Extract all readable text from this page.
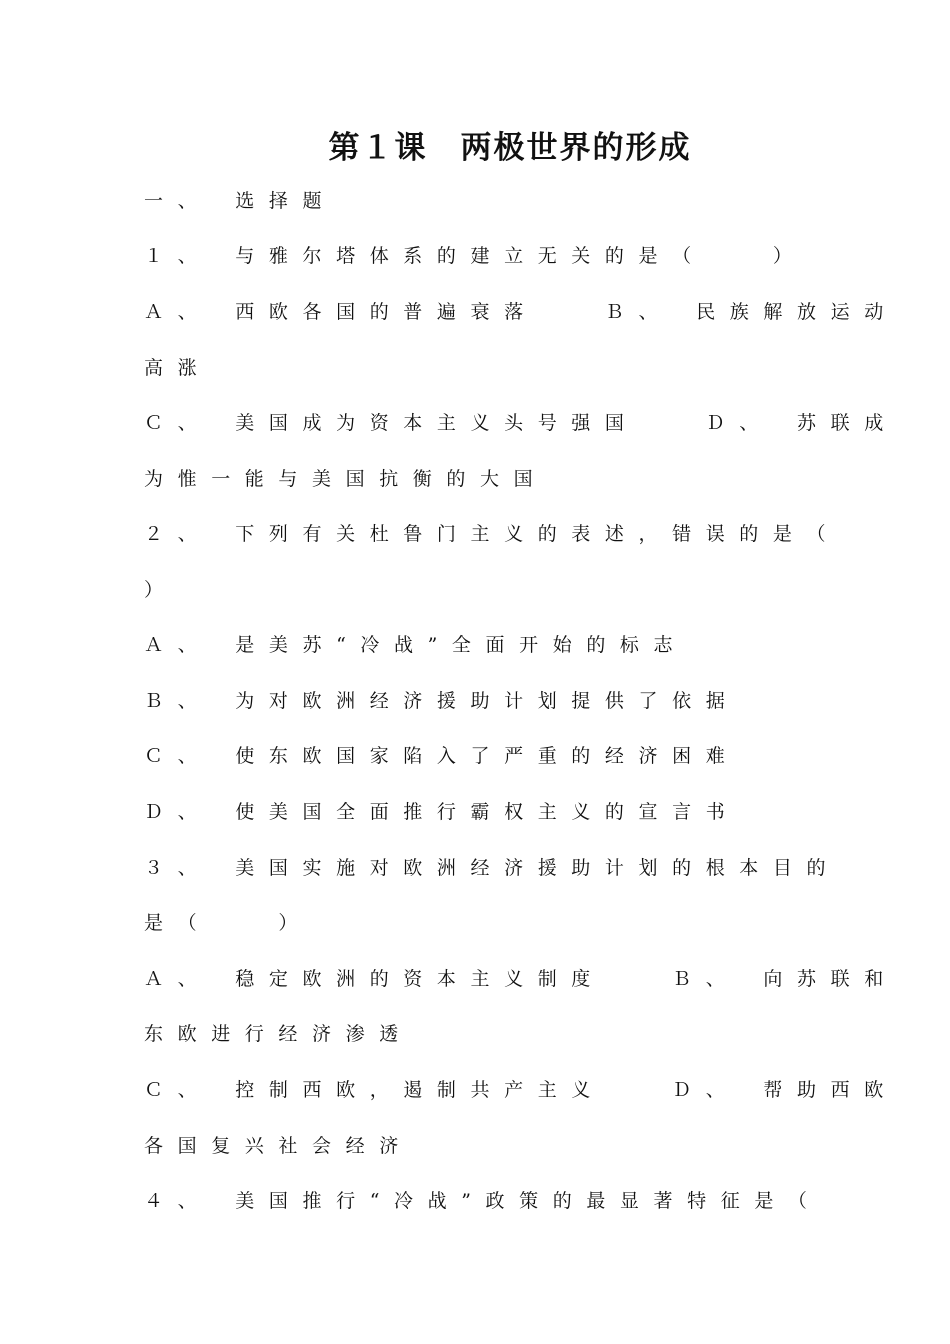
第１课　两极世界的形成
一、　选择题
１、　与雅尔塔体系的建立无关的是（　　）
Ａ、　西欧各国的普遍衰落　　Ｂ、　民族解放运动
高涨
Ｃ、　美国成为资本主义头号强国　　Ｄ、　苏联成
为惟一能与美国抗衡的大国
２、　下列有关杜鲁门主义的表述，错误的是（
）
Ａ、　是美苏“冷战”全面开始的标志
Ｂ、　为对欧洲经济援助计划提供了依据
Ｃ、　使东欧国家陷入了严重的经济困难
Ｄ、　使美国全面推行霸权主义的宣言书
３、　美国实施对欧洲经济援助计划的根本目的
是（　　）
Ａ、　稳定欧洲的资本主义制度　　Ｂ、　向苏联和
东欧进行经济渗透
Ｃ、　控制西欧，遏制共产主义　　Ｄ、　帮助西欧
各国复兴社会经济
４、　美国推行“冷战”政策的最显著特征是（
